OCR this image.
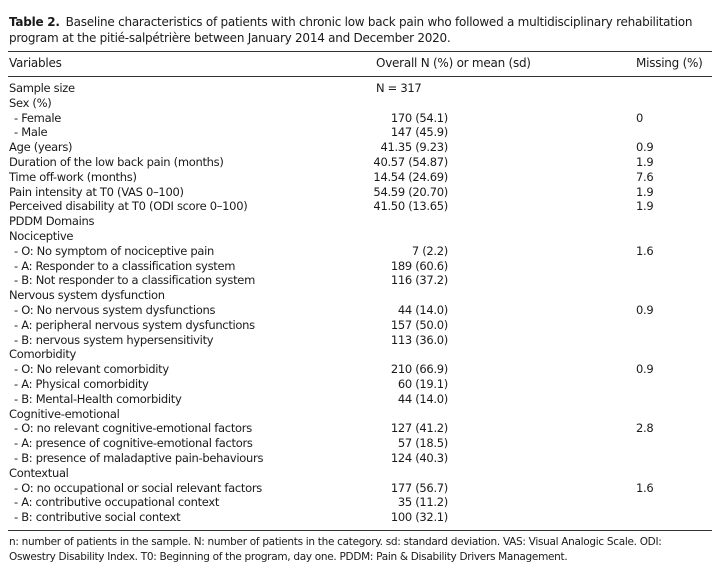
Table 2. Baseline characteristics of patients with chronic low back pain who followed a multidisciplinary rehabilitation program at the pitié-salpétrière between January 2014 and December 2020.
Variables	Overall N (%) or mean (sd)	Missing (%)
Sample size	N = 317
Sex (%)
- Female	170 (54.1)	0
- Male	147 (45.9)
Age (years)	41.35 (9.23)	0.9
Duration of the low back pain (months)	40.57 (54.87)	1.9
Time off-work (months)	14.54 (24.69)	7.6
Pain intensity at T0 (VAS 0–100)	54.59 (20.70)	1.9
Perceived disability at T0 (ODI score 0–100)	41.50 (13.65)	1.9
PDDM Domains
Nociceptive
- O: No symptom of nociceptive pain	7 (2.2)	1.6
- A: Responder to a classification system	189 (60.6)
- B: Not responder to a classification system	116 (37.2)
Nervous system dysfunction
- O: No nervous system dysfunctions	44 (14.0)	0.9
- A: peripheral nervous system dysfunctions	157 (50.0)
- B: nervous system hypersensitivity	113 (36.0)
Comorbidity
- O: No relevant comorbidity	210 (66.9)	0.9
- A: Physical comorbidity	60 (19.1)
- B: Mental-Health comorbidity	44 (14.0)
Cognitive-emotional
- O: no relevant cognitive-emotional factors	127 (41.2)	2.8
- A: presence of cognitive-emotional factors	57 (18.5)
- B: presence of maladaptive pain-behaviours	124 (40.3)
Contextual
- O: no occupational or social relevant factors	177 (56.7)	1.6
- A: contributive occupational context	35 (11.2)
- B: contributive social context	100 (32.1)
n: number of patients in the sample. N: number of patients in the category. sd: standard deviation. VAS: Visual Analogic Scale. ODI: Oswestry Disability Index. T0: Beginning of the program, day one. PDDM: Pain & Disability Drivers Management.
